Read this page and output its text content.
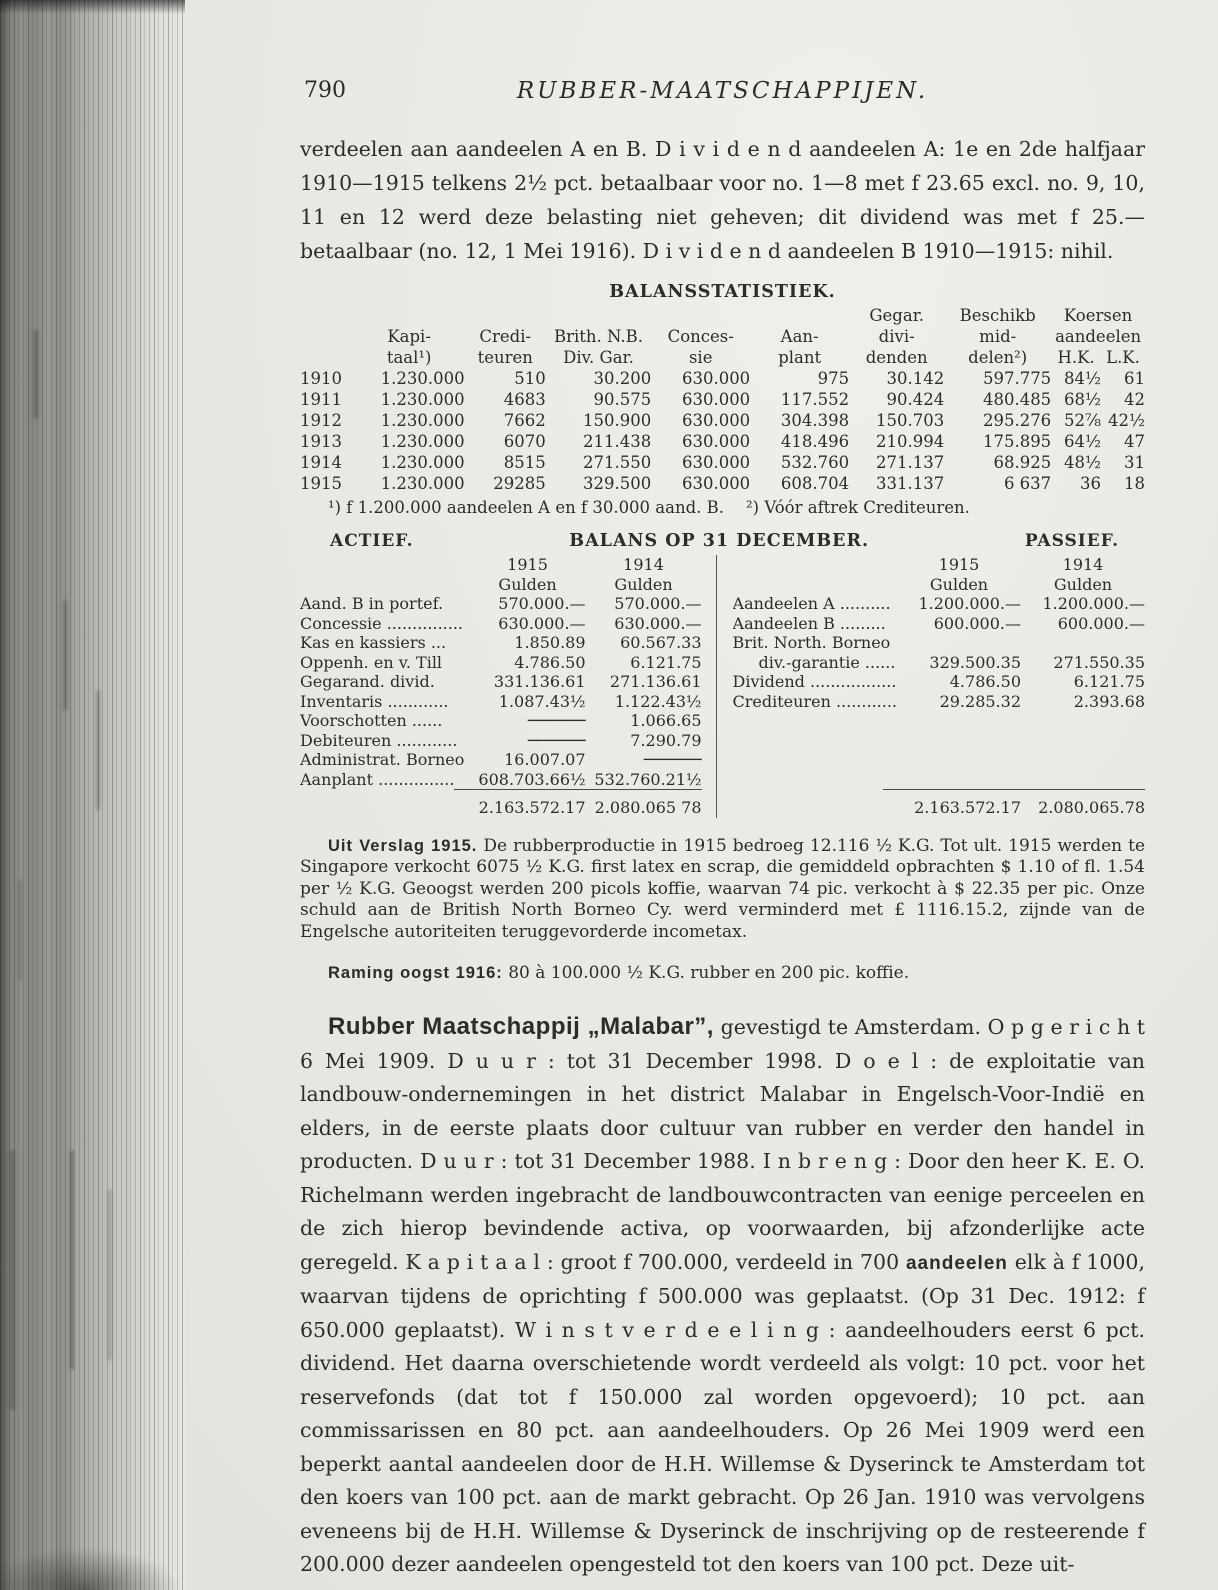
790	RUBBER-MAATSCHAPPIJEN.

verdeelen aan aandeelen A en B. D i v i d e n d aandeelen A: 1e en 2de halfjaar 1910—1915 telkens 2½ pct. betaalbaar voor no. 1—8 met f 23.65 excl. no. 9, 10, 11 en 12 werd deze belasting niet geheven; dit dividend was met f 25.— betaalbaar (no. 12, 1 Mei 1916). D i v i d e n d aandeelen B 1910—1915: nihil.

BALANSSTATISTIEK.
						Gegar.	Beschikb	Koersen	
	Kapi-	Credi-	Brith. N.B.	Conces-	Aan-	divi-	mid-	aandeelen	
	taal¹)	teuren	Div. Gar.	sie	plant	denden	delen²)	H.K.	L.K.
1910	1.230.000	510	30.200	630.000	975	30.142	597.775	84½	61
1911	1.230.000	4683	90.575	630.000	117.552	90.424	480.485	68½	42
1912	1.230.000	7662	150.900	630.000	304.398	150.703	295.276	52⅞	42½
1913	1.230.000	6070	211.438	630.000	418.496	210.994	175.895	64½	47
1914	1.230.000	8515	271.550	630.000	532.760	271.137	68.925	48½	31
1915	1.230.000	29285	329.500	630.000	608.704	331.137	6 637	36	18
¹) f 1.200.000 aandeelen A en f 30.000 aand. B. ²) Vóór aftrek Crediteuren.
ACTIEF.	BALANS OP 31 DECEMBER.	PASSIEF.
1915	1914
Gulden	Gulden
Aand. B in portef.	570.000.—	570.000.—
Concessie ...............	630.000.—	630.000.—
Kas en kassiers ...	1.850.89	60.567.33
Oppenh. en v. Till	4.786.50	6.121.75
Gegarand. divid.	331.136.61	271.136.61
Inventaris ............	1.087.43½	1.122.43½
Voorschotten ......	──────	1.066.65
Debiteuren ............	──────	7.290.79
Administrat. Borneo	16.007.07	──────
Aanplant ...............	608.703.66½ 532.760.21½
2.163.572.17 2.080.065 78
1915	1914
Gulden	Gulden
Aandeelen A ..........	1.200.000.—	1.200.000.—
Aandeelen B .........	600.000.—	600.000.—
Brit. North. Borneo
div.-garantie ......	329.500.35	271.550.35
Dividend .................	4.786.50	6.121.75
Crediteuren ............	29.285.32	2.393.68
2.163.572.17	2.080.065.78

Uit Verslag 1915. De rubberproductie in 1915 bedroeg 12.116 ½ K.G. Tot ult. 1915 werden te Singapore verkocht 6075 ½ K.G. first latex en scrap, die gemiddeld opbrachten $ 1.10 of fl. 1.54 per ½ K.G. Geoogst werden 200 picols koffie, waarvan 74 pic. verkocht à $ 22.35 per pic. Onze schuld aan de British North Borneo Cy. werd verminderd met £ 1116.15.2, zijnde van de Engelsche autoriteiten teruggevorderde incometax.

Raming oogst 1916: 80 à 100.000 ½ K.G. rubber en 200 pic. koffie.

Rubber Maatschappij „Malabar”, gevestigd te Amsterdam. O p g e r i c h t 6 Mei 1909. D u u r : tot 31 December 1998. D o e l : de exploitatie van landbouw-ondernemingen in het district Malabar in Engelsch-Voor-Indië en elders, in de eerste plaats door cultuur van rubber en verder den handel in producten. D u u r : tot 31 December 1988. I n b r e n g : Door den heer K. E. O. Richelmann werden ingebracht de landbouwcontracten van eenige perceelen en de zich hierop bevindende activa, op voorwaarden, bij afzonderlijke acte geregeld. K a p i t a a l : groot f 700.000, verdeeld in 700 aandeelen elk à f 1000, waarvan tijdens de oprichting f 500.000 was geplaatst. (Op 31 Dec. 1912: f 650.000 geplaatst). W i n s t v e r d e e l i n g : aandeelhouders eerst 6 pct. dividend. Het daarna overschietende wordt verdeeld als volgt: 10 pct. voor het reservefonds (dat tot f 150.000 zal worden opgevoerd); 10 pct. aan commissarissen en 80 pct. aan aandeelhouders. Op 26 Mei 1909 werd een beperkt aantal aandeelen door de H.H. Willemse & Dyserinck te Amsterdam tot den koers van 100 pct. aan de markt gebracht. Op 26 Jan. 1910 was vervolgens eveneens bij de H.H. Willemse & Dyserinck de inschrijving op de resteerende f 200.000 dezer aandeelen opengesteld tot den koers van 100 pct. Deze uit-
